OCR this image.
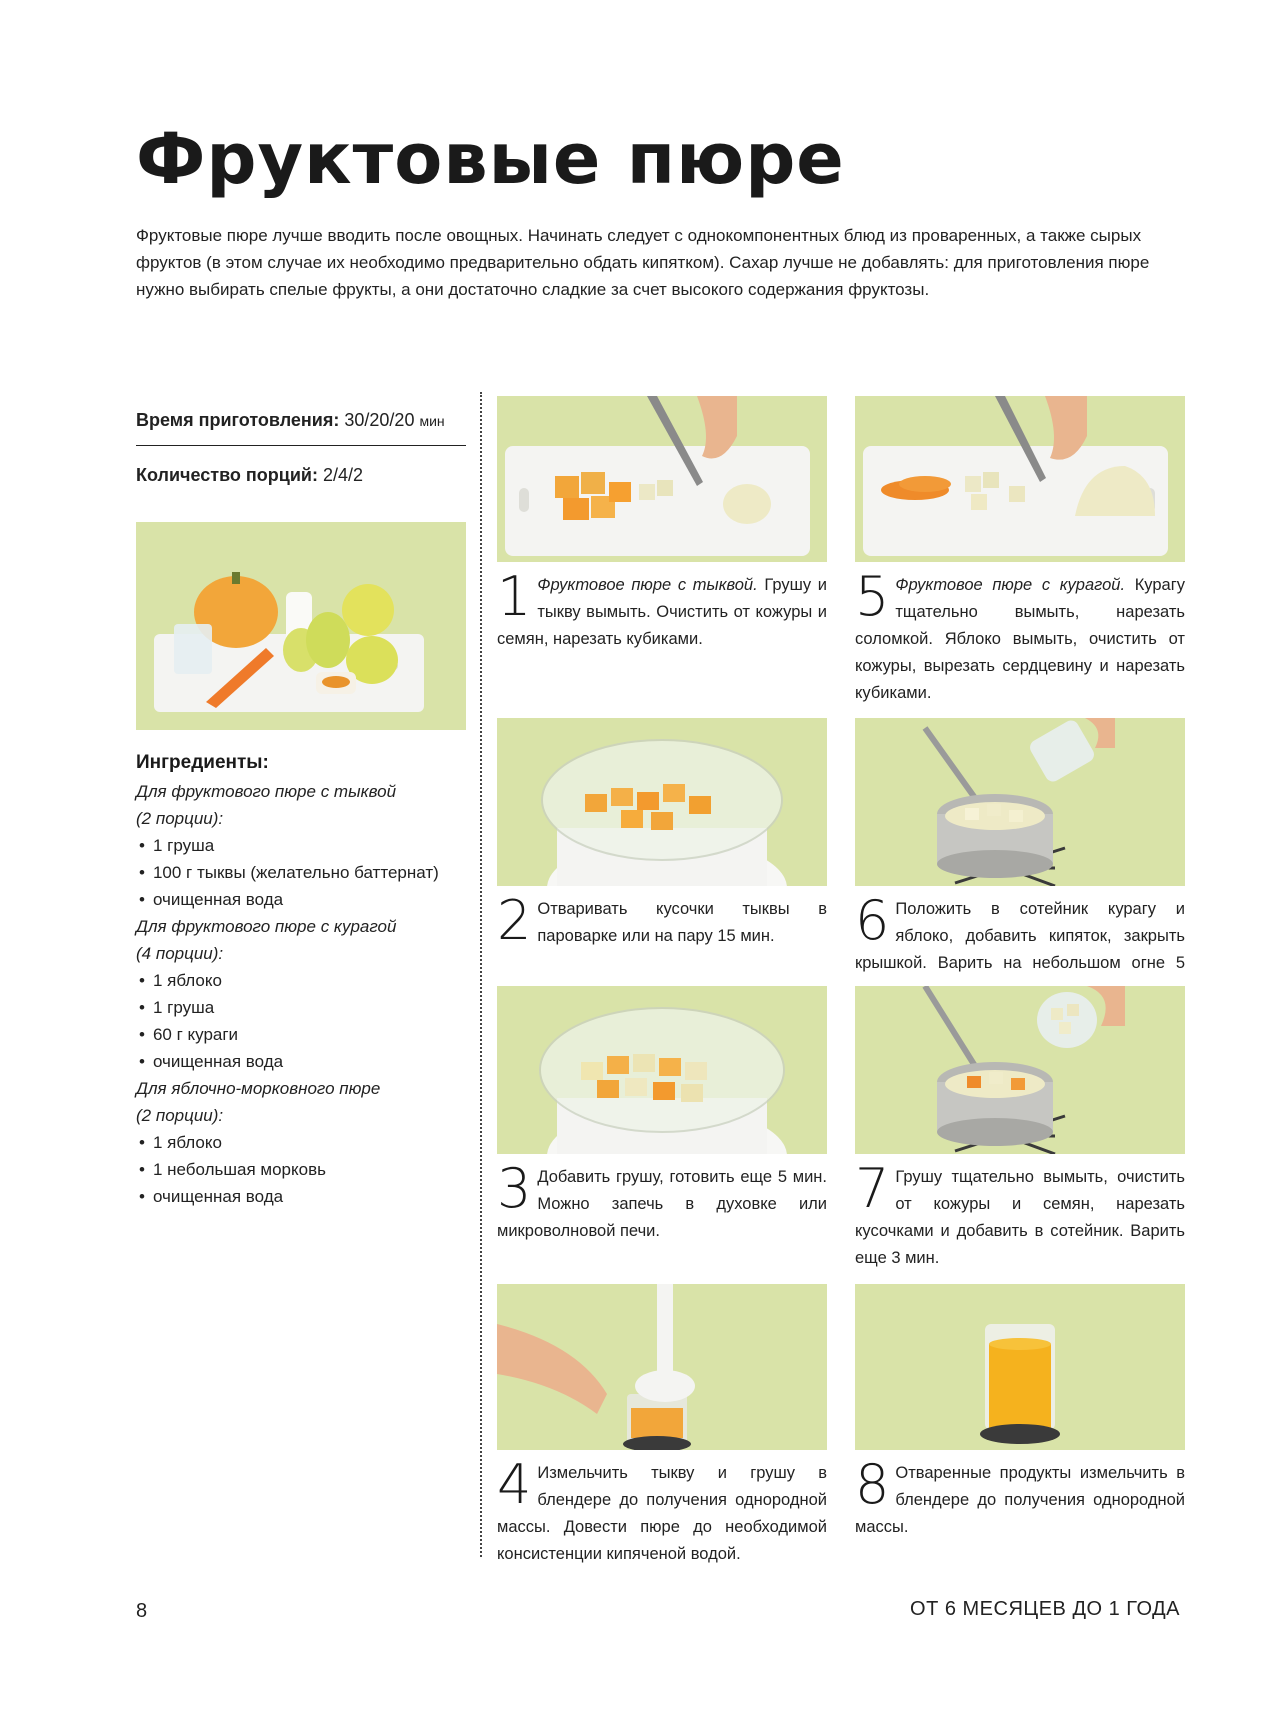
Фруктовые пюре

Фруктовые пюре лучше вводить после овощных. Начинать следует с однокомпонентных блюд из проваренных, а также сырых фруктов (в этом случае их необходимо предварительно обдать кипятком). Сахар лучше не добавлять: для приготовления пюре нужно выбирать спелые фрукты, а они достаточно сладкие за счет высокого содержания фруктозы.

Время приготовления: 30/20/20 мин
Количество порций: 2/4/2

Ингредиенты:

Для фруктового пюре с тыквой

(2 порции):

• 1 груша

• 100 г тыквы (желательно баттернат)

• очищенная вода

Для фруктового пюре с курагой

(4 порции):

• 1 яблоко

• 1 груша

• 60 г кураги

• очищенная вода

Для яблочно-морковного пюре

(2 порции):

• 1 яблоко

• 1 небольшая морковь

• очищенная вода

1 Фруктовое пюре с тыквой. Грушу и тыкву вымыть. Очистить от кожуры и семян, нарезать кубиками.

2 Отваривать кусочки тыквы в пароварке или на пару 15 мин.

3 Добавить грушу, готовить еще 5 мин. Можно запечь в духовке или микроволновой печи.

4 Измельчить тыкву и грушу в блендере до получения однородной массы. Довести пюре до необходимой консистенции кипяченой водой.

5 Фруктовое пюре с курагой. Курагу тщательно вымыть, нарезать соломкой. Яблоко вымыть, очистить от кожуры, вырезать сердцевину и нарезать кубиками.

6 Положить в сотейник курагу и яблоко, добавить кипяток, закрыть крышкой. Варить на небольшом огне 5

7 Грушу тщательно вымыть, очистить от кожуры и семян, нарезать кусочками и добавить в сотейник. Варить еще 3 мин.

8 Отваренные продукты измельчить в блендере до получения однородной массы.

8	ОТ 6 МЕСЯЦЕВ ДО 1 ГОДА
